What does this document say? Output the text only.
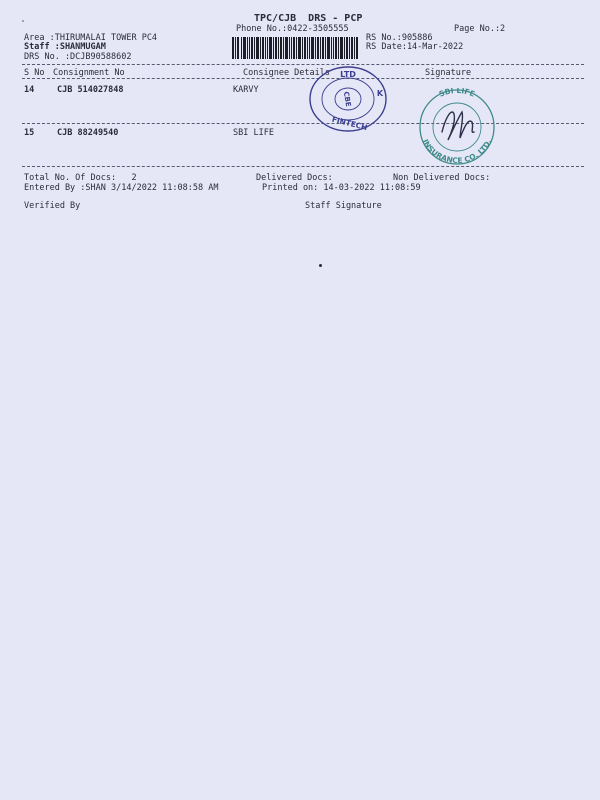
TPC/CJB  DRS - PCP
Phone No.:0422-3505555	Page No.:2
Area :THIRUMALAI TOWER PC4
Staff :SHANMUGAM
DRS No. :DCJB90588602
RS No.:905886
RS Date:14-Mar-2022
S No Consignment No	Consignee Details	Signature
14	CJB 514027848	KARVY
15	CJB 88249540	SBI LIFE
Total No. Of Docs:   2	Delivered Docs:	Non Delivered Docs:
Entered By :SHAN 3/14/2022 11:08:58 AM	Printed on: 14-03-2022 11:08:59
Verified By	Staff Signature
LTD
K
FINTECH
CBE	SBI LIFE
INSURANCE CO. LTD.
